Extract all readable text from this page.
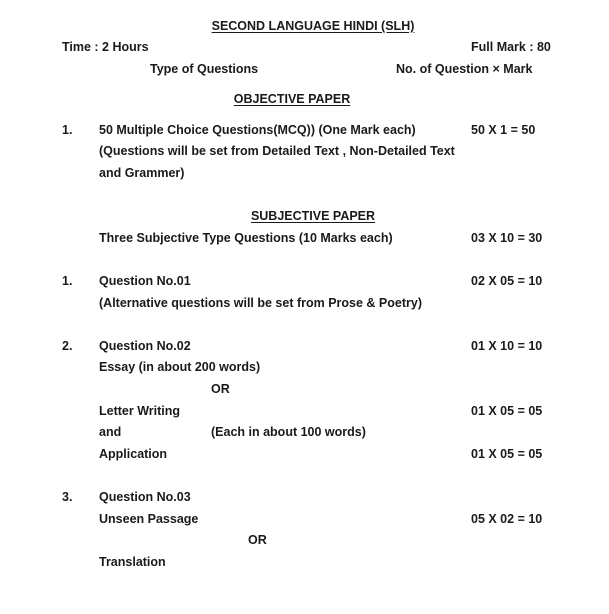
SECOND LANGUAGE HINDI (SLH)
Time : 2 Hours	Full Mark : 80
Type of Questions	No. of Question × Mark
OBJECTIVE PAPER
1. 50 Multiple Choice Questions(MCQ)) (One Mark each)	50 X 1 = 50
(Questions will be set from Detailed Text , Non-Detailed Text
and Grammer)
SUBJECTIVE PAPER
Three Subjective Type Questions (10 Marks each)	03 X 10 = 30
1. Question No.01	02 X 05 = 10
(Alternative questions will be set from Prose & Poetry)
2. Question No.02	01 X 10 = 10
Essay (in about 200 words)
OR
Letter Writing	01 X 05 = 05
and	(Each in about 100 words)
Application	01 X 05 = 05
3. Question No.03
Unseen Passage	05 X 02 = 10
OR
Translation
